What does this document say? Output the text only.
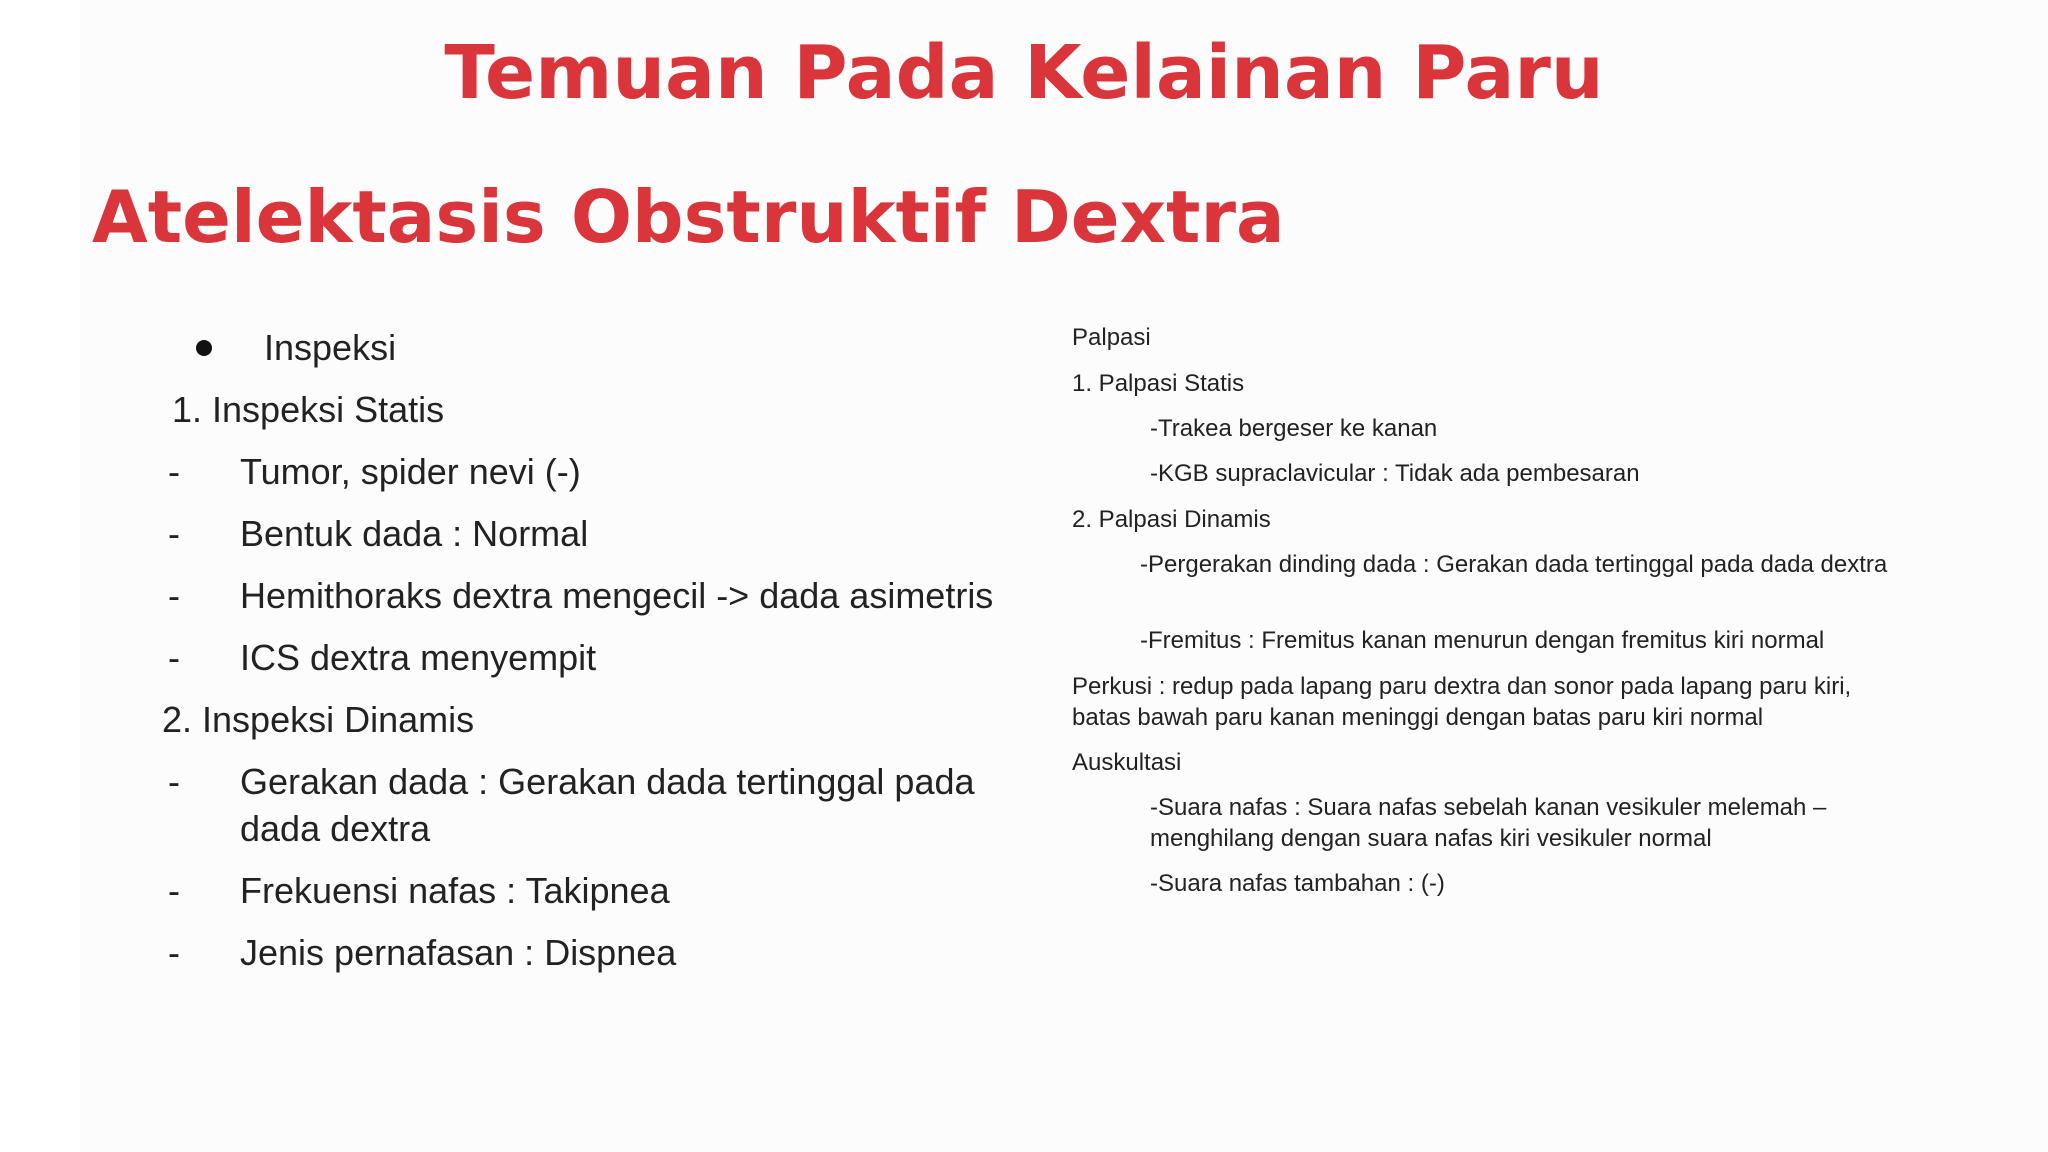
Temuan Pada Kelainan Paru
Atelektasis Obstruktif Dextra
Inspeksi
1. Inspeksi Statis
- Tumor, spider nevi (-)
- Bentuk dada : Normal
- Hemithoraks dextra mengecil -> dada asimetris
- ICS dextra menyempit
2. Inspeksi Dinamis
- Gerakan dada : Gerakan dada tertinggal pada dada dextra
- Frekuensi nafas : Takipnea
- Jenis pernafasan : Dispnea
Palpasi
1. Palpasi Statis
-Trakea bergeser ke kanan
-KGB supraclavicular : Tidak ada pembesaran
2. Palpasi Dinamis
-Pergerakan dinding dada : Gerakan dada tertinggal pada dada dextra
-Fremitus : Fremitus kanan menurun dengan fremitus kiri normal
Perkusi : redup pada lapang paru dextra dan sonor pada lapang paru kiri, batas bawah paru kanan meninggi dengan batas paru kiri normal
Auskultasi
-Suara nafas : Suara nafas sebelah kanan vesikuler melemah – menghilang dengan suara nafas kiri vesikuler normal
-Suara nafas tambahan : (-)
